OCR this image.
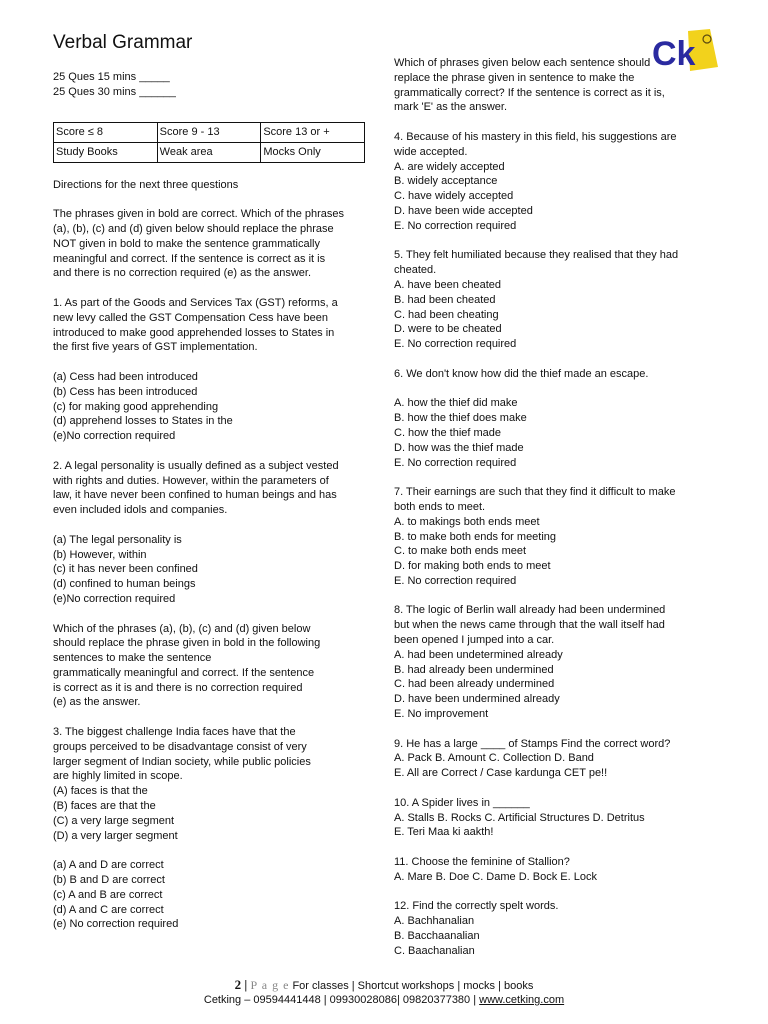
Ck
Verbal Grammar
25 Ques 15 mins _____
25 Ques 30 mins ______
Score ≤ 8	Score 9 - 13	Score 13 or +
Study Books	Weak area	Mocks Only
Directions for the next three questions
The phrases given in bold are correct. Which of the phrases
(a), (b), (c) and (d) given below should replace the phrase
NOT given in bold to make the sentence grammatically
meaningful and correct. If the sentence is correct as it is
and there is no correction required (e) as the answer.
1. As part of the Goods and Services Tax (GST) reforms, a
new levy called the GST Compensation Cess have been
introduced to make good apprehended losses to States in
the first five years of GST implementation.
(a) Cess had been introduced
(b) Cess has been introduced
(c) for making good apprehending
(d) apprehend losses to States in the
(e)No correction required
2. A legal personality is usually defined as a subject vested
with rights and duties. However, within the parameters of
law, it have never been confined to human beings and has
even included idols and companies.
(a) The legal personality is
(b) However, within
(c) it has never been confined
(d) confined to human beings
(e)No correction required
Which of the phrases (a), (b), (c) and (d) given below
should replace the phrase given in bold in the following
sentences to make the sentence
grammatically meaningful and correct. If the sentence
is correct as it is and there is no correction required
(e) as the answer.
3. The biggest challenge India faces have that the
groups perceived to be disadvantage consist of very
larger segment of Indian society, while public policies
are highly limited in scope.
(A) faces is that the
(B) faces are that the
(C) a very large segment
(D) a very larger segment
(a) A and D are correct
(b) B and D are correct
(c) A and B are correct
(d) A and C are correct
(e) No correction required
Which of phrases given below each sentence should
replace the phrase given in sentence to make the
grammatically correct? If the sentence is correct as it is,
mark 'E' as the answer.
4. Because of his mastery in this field, his suggestions are
wide accepted.
A. are widely accepted
B. widely acceptance
C. have widely accepted
D. have been wide accepted
E. No correction required
5. They felt humiliated because they realised that they had
cheated.
A. have been cheated
B. had been cheated
C. had been cheating
D. were to be cheated
E. No correction required
6. We don't know how did the thief made an escape.
A. how the thief did make
B. how the thief does make
C. how the thief made
D. how was the thief made
E. No correction required
7. Their earnings are such that they find it difficult to make
both ends to meet.
A. to makings both ends meet
B. to make both ends for meeting
C. to make both ends meet
D. for making both ends to meet
E. No correction required
8. The logic of Berlin wall already had been undermined
but when the news came through that the wall itself had
been opened I jumped into a car.
A. had been undetermined already
B. had already been undermined
C. had been already undermined
D. have been undermined already
E. No improvement
9. He has a large ____ of Stamps Find the correct word?
A. Pack B. Amount C. Collection D. Band
E. All are Correct / Case kardunga CET pe!!
10. A Spider lives in ______
A. Stalls B. Rocks C. Artificial Structures D. Detritus
E. Teri Maa ki aakth!
11. Choose the feminine of Stallion?
A. Mare B. Doe C. Dame D. Bock E. Lock
12. Find the correctly spelt words.
A. Bachhanalian
B. Bacchaanalian
C. Baachanalian
2 | P a g e For classes | Shortcut workshops | mocks | books
Cetking – 09594441448 | 09930028086| 09820377380 | www.cetking.com
